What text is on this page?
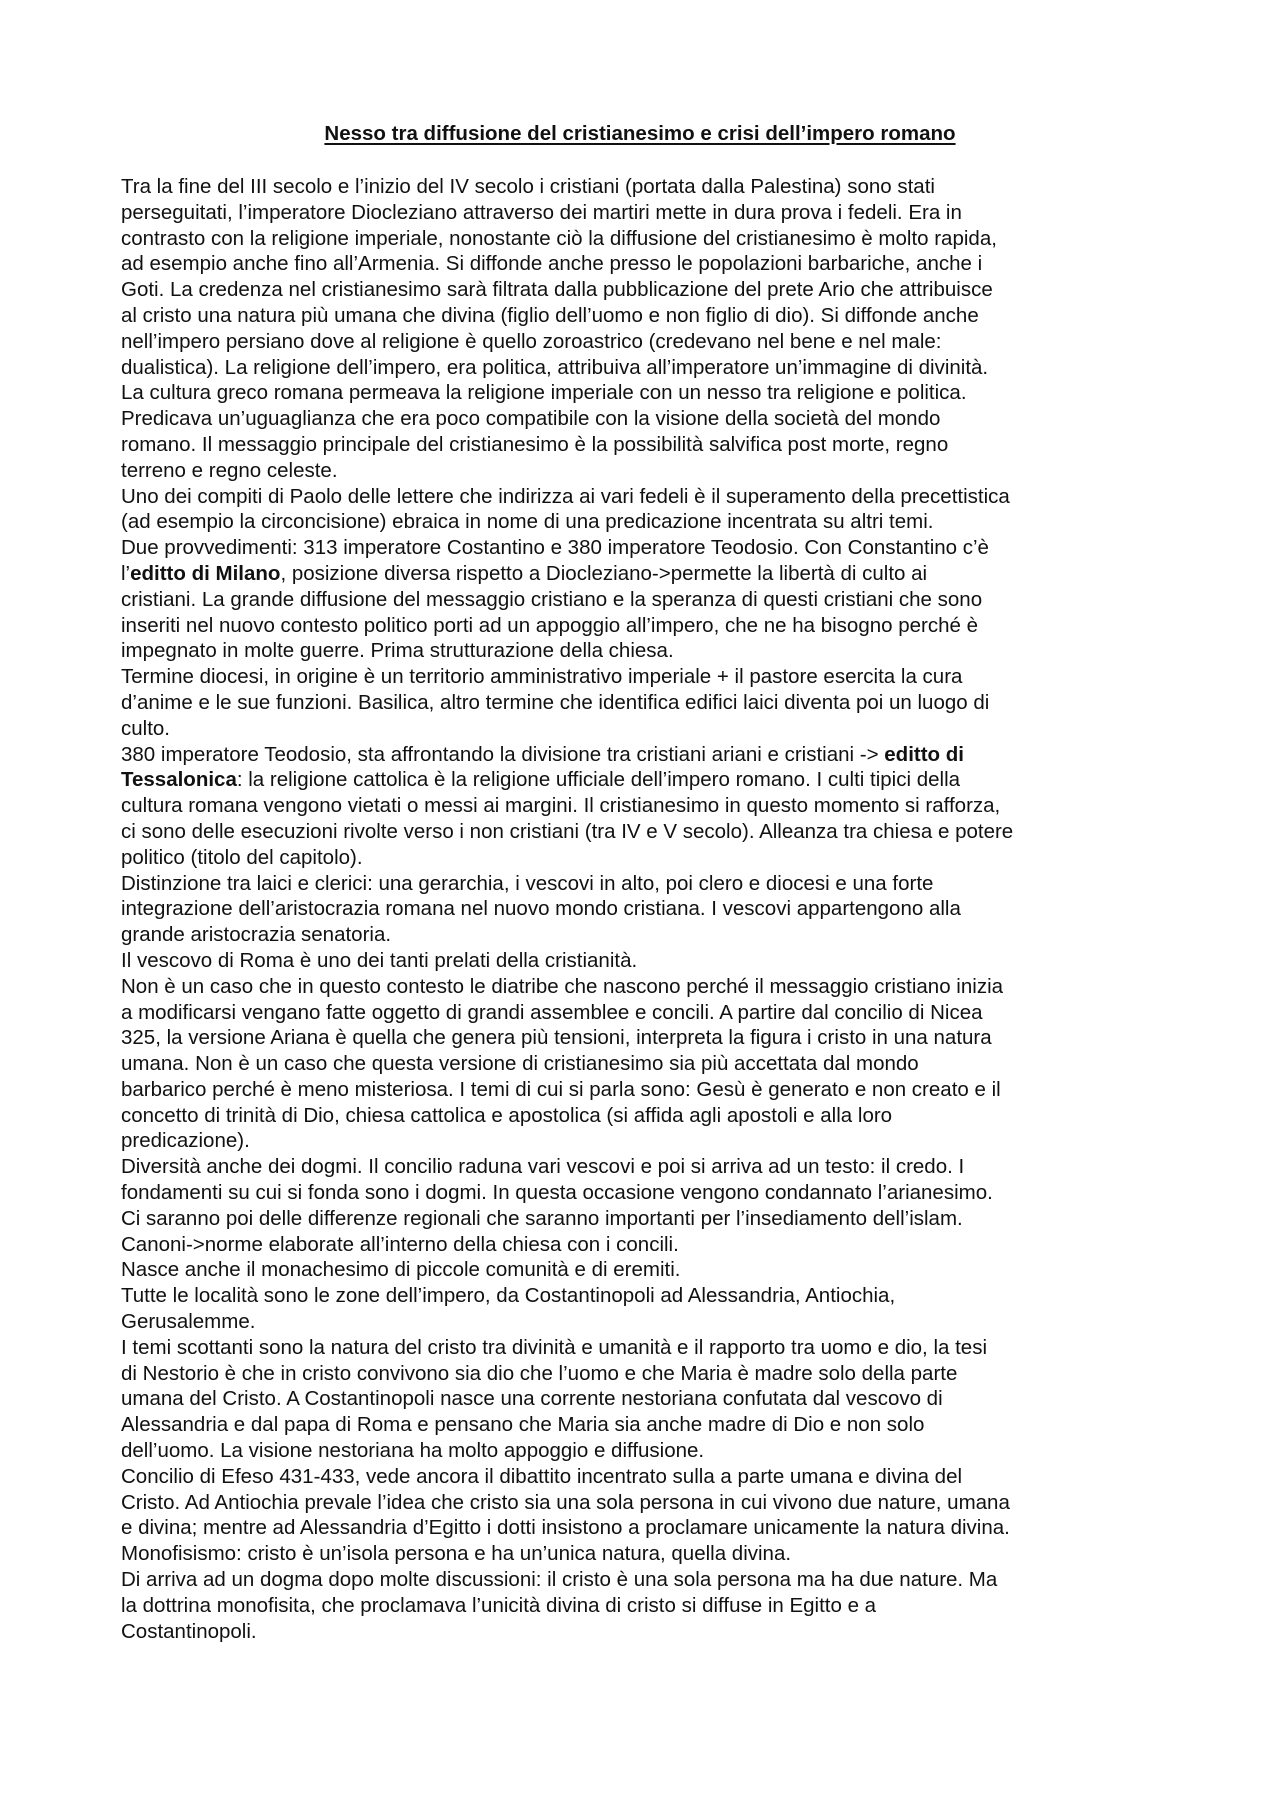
Nesso tra diffusione del cristianesimo e crisi dell’impero romano
Tra la fine del III secolo e l’inizio del IV secolo i cristiani (portata dalla Palestina) sono stati
perseguitati, l’imperatore Diocleziano attraverso dei martiri mette in dura prova i fedeli. Era in
contrasto con la religione imperiale, nonostante ciò la diffusione del cristianesimo è molto rapida,
ad esempio anche fino all’Armenia. Si diffonde anche presso le popolazioni barbariche, anche i
Goti. La credenza nel cristianesimo sarà filtrata dalla pubblicazione del prete Ario che attribuisce
al cristo una natura più umana che divina (figlio dell’uomo e non figlio di dio). Si diffonde anche
nell’impero persiano dove al religione è quello zoroastrico (credevano nel bene e nel male:
dualistica). La religione dell’impero, era politica, attribuiva all’imperatore un’immagine di divinità.
La cultura greco romana permeava la religione imperiale con un nesso tra religione e politica.
Predicava un’uguaglianza che era poco compatibile con la visione della società del mondo
romano. Il messaggio principale del cristianesimo è la possibilità salvifica post morte, regno
terreno e regno celeste.
Uno dei compiti di Paolo delle lettere che indirizza ai vari fedeli è il superamento della precettistica
(ad esempio la circoncisione) ebraica in nome di una predicazione incentrata su altri temi.
Due provvedimenti: 313 imperatore Costantino e 380 imperatore Teodosio. Con Constantino c’è
l’editto di Milano, posizione diversa rispetto a Diocleziano->permette la libertà di culto ai
cristiani. La grande diffusione del messaggio cristiano e la speranza di questi cristiani che sono
inseriti nel nuovo contesto politico porti ad un appoggio all’impero, che ne ha bisogno perché è
impegnato in molte guerre. Prima strutturazione della chiesa.
Termine diocesi, in origine è un territorio amministrativo imperiale + il pastore esercita la cura
d’anime e le sue funzioni. Basilica, altro termine che identifica edifici laici diventa poi un luogo di
culto.
380 imperatore Teodosio, sta affrontando la divisione tra cristiani ariani e cristiani -> editto di
Tessalonica: la religione cattolica è la religione ufficiale dell’impero romano. I culti tipici della
cultura romana vengono vietati o messi ai margini. Il cristianesimo in questo momento si rafforza,
ci sono delle esecuzioni rivolte verso i non cristiani (tra IV e V secolo). Alleanza tra chiesa e potere
politico (titolo del capitolo).
Distinzione tra laici e clerici: una gerarchia, i vescovi in alto, poi clero e diocesi e una forte
integrazione dell’aristocrazia romana nel nuovo mondo cristiana. I vescovi appartengono alla
grande aristocrazia senatoria.
Il vescovo di Roma è uno dei tanti prelati della cristianità.
Non è un caso che in questo contesto le diatribe che nascono perché il messaggio cristiano inizia
a modificarsi vengano fatte oggetto di grandi assemblee e concili. A partire dal concilio di Nicea
325, la versione Ariana è quella che genera più tensioni, interpreta la figura i cristo in una natura
umana. Non è un caso che questa versione di cristianesimo sia più accettata dal mondo
barbarico perché è meno misteriosa. I temi di cui si parla sono: Gesù è generato e non creato e il
concetto di trinità di Dio, chiesa cattolica e apostolica (si affida agli apostoli e alla loro
predicazione).
Diversità anche dei dogmi. Il concilio raduna vari vescovi e poi si arriva ad un testo: il credo. I
fondamenti su cui si fonda sono i dogmi. In questa occasione vengono condannato l’arianesimo.
Ci saranno poi delle differenze regionali che saranno importanti per l’insediamento dell’islam.
Canoni->norme elaborate all’interno della chiesa con i concili.
Nasce anche il monachesimo di piccole comunità e di eremiti.
Tutte le località sono le zone dell’impero, da Costantinopoli ad Alessandria, Antiochia,
Gerusalemme.
I temi scottanti sono la natura del cristo tra divinità e umanità e il rapporto tra uomo e dio, la tesi
di Nestorio è che in cristo convivono sia dio che l’uomo e che Maria è madre solo della parte
umana del Cristo. A Costantinopoli nasce una corrente nestoriana confutata dal vescovo di
Alessandria e dal papa di Roma e pensano che Maria sia anche madre di Dio e non solo
dell’uomo. La visione nestoriana ha molto appoggio e diffusione.
Concilio di Efeso 431-433, vede ancora il dibattito incentrato sulla a parte umana e divina del
Cristo. Ad Antiochia prevale l’idea che cristo sia una sola persona in cui vivono due nature, umana
e divina; mentre ad Alessandria d’Egitto i dotti insistono a proclamare unicamente la natura divina.
Monofisismo: cristo è un’isola persona e ha un’unica natura, quella divina.
Di arriva ad un dogma dopo molte discussioni: il cristo è una sola persona ma ha due nature. Ma
la dottrina monofisita, che proclamava l’unicità divina di cristo si diffuse in Egitto e a
Costantinopoli.
